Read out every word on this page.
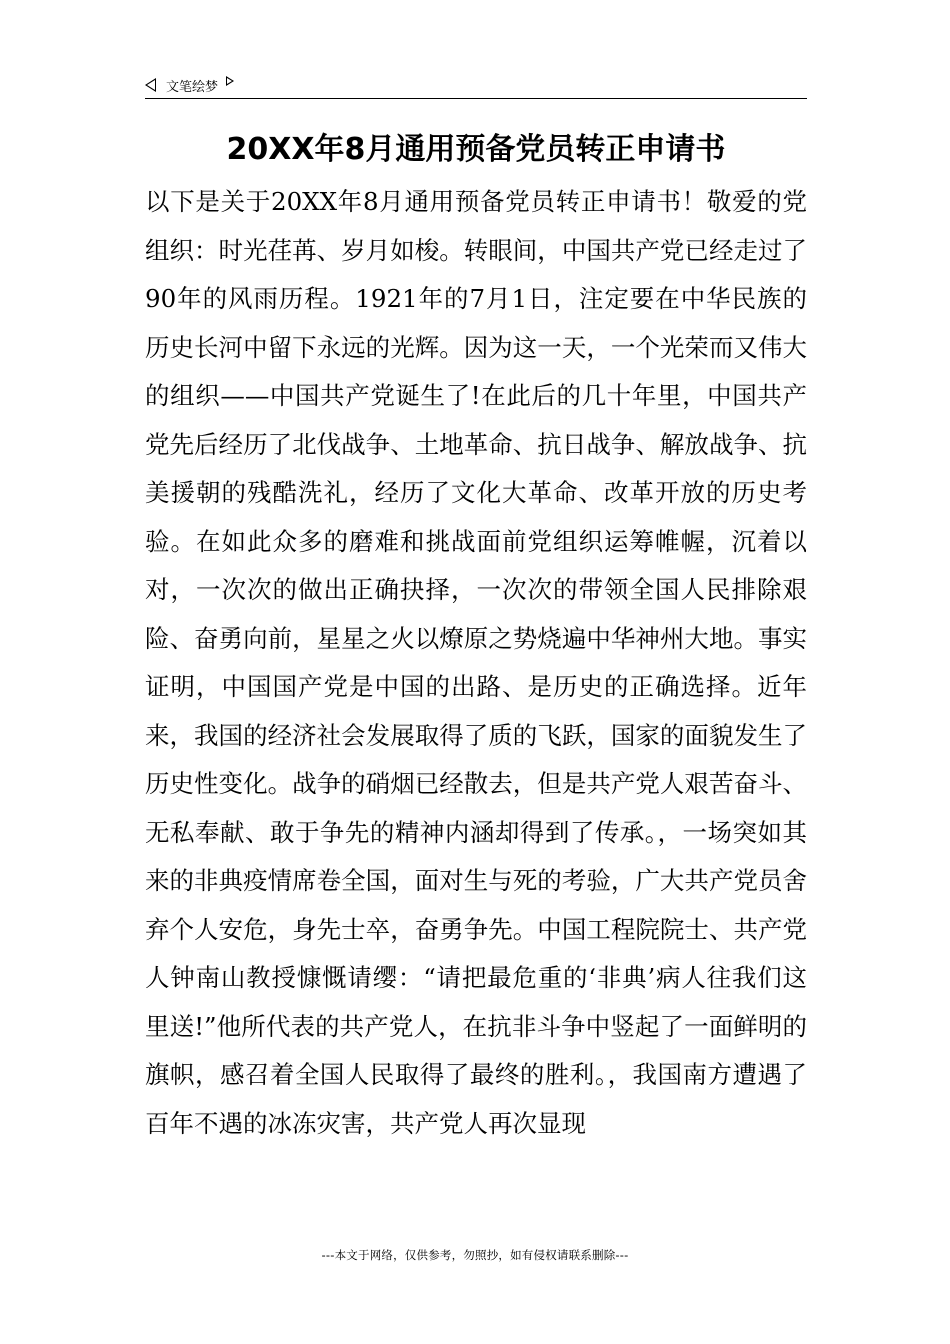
文笔绘梦
20XX年8月通用预备党员转正申请书

以下是关于20XX年8月通用预备党员转正申请书！敬爱的党组织：时光荏苒、岁月如梭。转眼间，中国共产党已经走过了90年的风雨历程。1921年的7月1日，注定要在中华民族的历史长河中留下永远的光辉。因为这一天，一个光荣而又伟大的组织——中国共产党诞生了!在此后的几十年里，中国共产党先后经历了北伐战争、土地革命、抗日战争、解放战争、抗美援朝的残酷洗礼，经历了文化大革命、改革开放的历史考验。在如此众多的磨难和挑战面前党组织运筹帷幄，沉着以对，一次次的做出正确抉择，一次次的带领全国人民排除艰险、奋勇向前，星星之火以燎原之势烧遍中华神州大地。事实证明，中国国产党是中国的出路、是历史的正确选择。近年来，我国的经济社会发展取得了质的飞跃，国家的面貌发生了历史性变化。战争的硝烟已经散去，但是共产党人艰苦奋斗、无私奉献、敢于争先的精神内涵却得到了传承。，一场突如其来的非典疫情席卷全国，面对生与死的考验，广大共产党员舍弃个人安危，身先士卒，奋勇争先。中国工程院院士、共产党人钟南山教授慷慨请缨：“请把最危重的‘非典’病人往我们这里送!”他所代表的共产党人，在抗非斗争中竖起了一面鲜明的旗帜，感召着全国人民取得了最终的胜利。，我国南方遭遇了百年不遇的冰冻灾害，共产党人再次显现

---本文于网络，仅供参考，勿照抄，如有侵权请联系删除---
